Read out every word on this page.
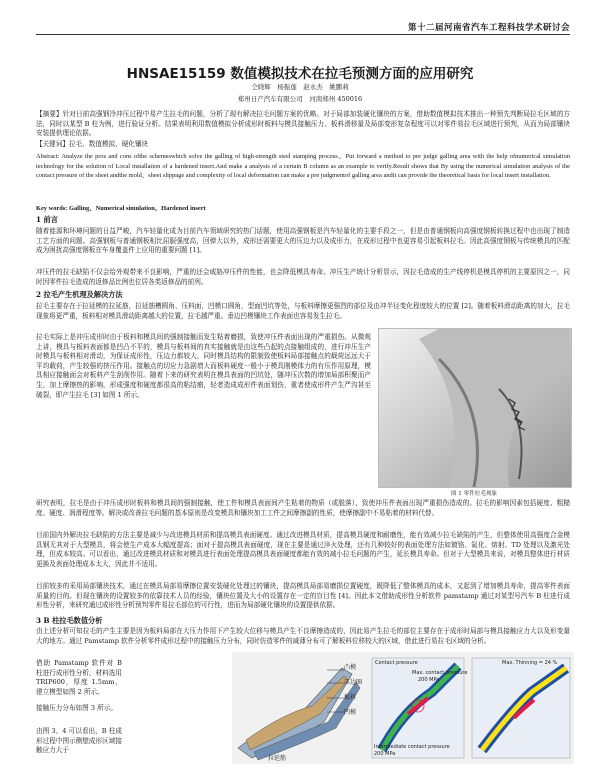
第十二届河南省汽车工程科技学术研讨会
HNSAE15159 数值模拟技术在拉毛预测方面的应用研究
仝晓辉　杨振莲　赵永杰　姚鹏莉
郑州日产汽车有限公司　河南郑州 450016

【摘要】针对日前高强钢冷冲压过程中易产生拉毛的问题，分析了现有解决拉毛问题方案的优略。对于局部加装硬化镶块的方案，借助数值模拟技术推出一种预先判断局拉毛区域的方法，同时以某型 B 柱为例，进行验证分析。结果表明利用数值模拟分析成形时板料与模具接触压力、板料滑移量及局部变形复杂程度可以对零件易拉毛区域进行预判，从而为局部镶块安装提供理论依据。

【关键词】拉毛、数值模拟、硬化镶块

Abstract: Analyze the pros and cons ofthe schemeswhich solve the galling of high-strength steel stamping process。Put forward a method to pre judge galling area with the help ofnumerical simulation technology for the solution of Local installation of a hardened insert.And make a analysis of a certain B column as an example to verify.Result shows that By using the numerical simulation analysis of the contact pressure of the sheet andthe mold、sheet slippage and complexity of local deformation can make a pre judgmentof galling area andit can provide the theoretical basis for local insert installation.

Key words: Galling、Numerical simulation、Hardened insert

1 前言

随着能源和环境问题的日益严峻，汽车轻量化成为目前汽车领域研究的热门话题，使用高强钢板是汽车轻量化的主要手段之一，但是由普通钢板向高强度钢板转换过程中也出现了制造工艺方面的问题。高强钢板与普通钢板相比屈服强度高，回弹大以外，成形还需要更大的压边力以及成形力，在成形过程中也更容易引起板料拉毛。因此高强度钢板与传统模具的匹配成为困扰高强度钢板在车身覆盖件上应用的重要问题 [1]。

冲压件的拉毛缺陷不仅会给外观带来不良影响，严重的还会威胁冲压件的性能，也会降低模具寿命。冲压生产统计分析显示，因拉毛造成的生产线停机是模具停机的主要原因之一，同时因零件拉毛造成的返修品比例也位居各类返修品的前列。

2 拉毛产生机理及解决方法

拉毛主要存在于拉延模的拉延筋，拉延筋槽圆角、压料面，凹模口圆角，型面凹坑等处，与板料摩擦更强烈的部位及由冲半径变化程度较大的位置 [2]。随着板料滑动距离的加大，拉毛现象将更严重，板料相对模具滑动距离越大的位置，拉毛越严重。垂边凹模镶块工作表面也容易发生拉毛。

拉毛实际上是冲压成形时由于板料和模具间的强制接触而发生粘着磨损，致使冲压件表面出现的严重损伤。从微观上讲，模具与板料表面都是凹凸不平的，模具与板料间的真实接触就是由这些凸起的点接触组成的，进行冲压生产时模具与板料相对滑动，为保证成形性，压边力都较大，同时模具结构的限制致使板料局部接触点的载荷远远大于平均载荷，产生较强的挤压作用。接触点的切应力急剧增大而板料硬度一般小于模具刚模体力的有压作用原理，模具相应接触面会对板料产生刮削作用。随着下来的研究表明在模具表面的凹坑处，随冲压次数的增加局部积聚而产生，加上摩擦热的影响，形成强度和硬度都很高的粘结瘤，轻者造成成形件表面划伤，重者使成形件产生严沟甚至破裂，即产生拉毛 [3] 如图 1 所示。

图 1 零件拉毛现象

研究表明，拉毛是由于冲压成形时板料和模具间的强制接触，使工件和模具表面间产生粘着的物质（或脱落），致使冲压件表面出现严重损伤造成的。拉毛的影响因素包括硬度、粗糙度、硬度、润滑程度等。解决或改善拉毛问题的基本原则是改变模具和镶块加工工件之间摩擦副的性质，使摩擦副中不易粘着的材料代替。

目前国内外解决拉毛缺陷的方法主要是减少与改进模具材质和提高模具表面硬度。通过改进模具材质，提高模具硬度和耐磨性，能有效减少拉毛缺陷的产生，但整体使用高强度合金模具钢无其对于大型模具，将会使生产成本大幅度提高；面对于提高模具表面硬度，现在主要是通过淬火处理，还有几种较好的表面处理方法如镀铬、氮化、熔射、TD 处理以及激光处理，但成本较高。可以看出，通过改进模具材质和对模具进行表面处理提高模具表面硬度都能有效的减小拉毛问题的产生，延长模具寿命。但对于大型模具来说，对模具整体进行材质更换及表面处理成本太大，因此并不适用。

目前较多的采用局部镶块技术，通过在模具局部易摩擦位置安装硬化处理过的镶块，提高模具局部易磨损位置硬度，既降低了整体模具的成本，又起到了增加模具寿命，提高零件表面质量的目的。但现在镶块的设置较多的依靠技术人员的经验，镶块位置及大小的设置存在一定的盲目性 [4]。因此本文借助成形性分析软件 pamstamp 通过对某型号汽车 B 柱进行成形性分析，来研究通过成形性分析预判零件易拉毛部位的可行性，进而为局部硬化镶块的设置提供依据。

3 B 柱拉毛数值分析

由上述分析可知拉毛的产生主要是因为板料局部在大压力作用下产生较大位移与模具产生不良摩擦造成的，因此易产生拉毛的部位主要存在于成形时局部与模具接触应力大以及形变量大的地方。通过 Pamstamp 软件分析零件成形过程中的接触压力分布，同时仿造零件的减薄分布可了解板料位移较大的区域，借此进行易拉毛区域的分析。

借助 Pamstamp 软件对 B 柱进行成形性分析，材料选用 TRIP600，厚度 1.5mm，建立模型如图 2 所示。

接触压力分布如图 3 所示。

由图 3、4 可以看出，B 柱成形过程中图示侧壁成形区域接触应力大于

凸模
压边圈
板料
凹模
拉延筋
Contact pressure
Max. contact pressure
200 MPa
Max. Thinning = 24 %
Intermediate contact pressure
200 MPa
